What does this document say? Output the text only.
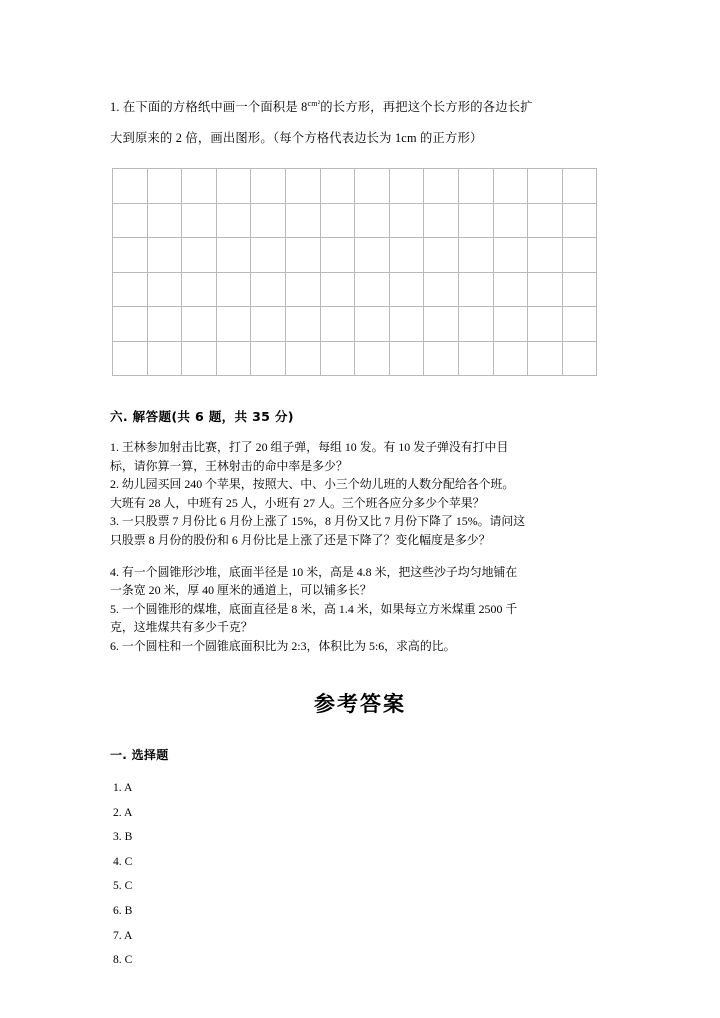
1. 在下面的方格纸中画一个面积是 $8^{cm^2}$的长方形，再把这个长方形的各边长扩
大到原来的 2 倍，画出图形。（每个方格代表边长为 1cm 的正方形）

六. 解答题(共 6 题，共 35 分)

1. 王林参加射击比赛，打了 20 组子弹，每组 10 发。有 10 发子弹没有打中目

标，请你算一算，王林射击的命中率是多少？

2. 幼儿园买回 240 个苹果，按照大、中、小三个幼儿班的人数分配给各个班。

大班有 28 人，中班有 25 人，小班有 27 人。三个班各应分多少个苹果？

3. 一只股票 7 月份比 6 月份上涨了 15%，8 月份又比 7 月份下降了 15%。请问这

只股票 8 月份的股份和 6 月份比是上涨了还是下降了？变化幅度是多少？

4. 有一个圆锥形沙堆，底面半径是 10 米，高是 4.8 米，把这些沙子均匀地铺在

一条宽 20 米，厚 40 厘米的通道上，可以铺多长？

5. 一个圆锥形的煤堆，底面直径是 8 米，高 1.4 米，如果每立方米煤重 2500 千

克，这堆煤共有多少千克？

6. 一个圆柱和一个圆锥底面积比为 2:3，体积比为 5:6，求高的比。

参考答案
一. 选择题
1. A
2. A
3. B
4. C
5. C
6. B
7. A
8. C
